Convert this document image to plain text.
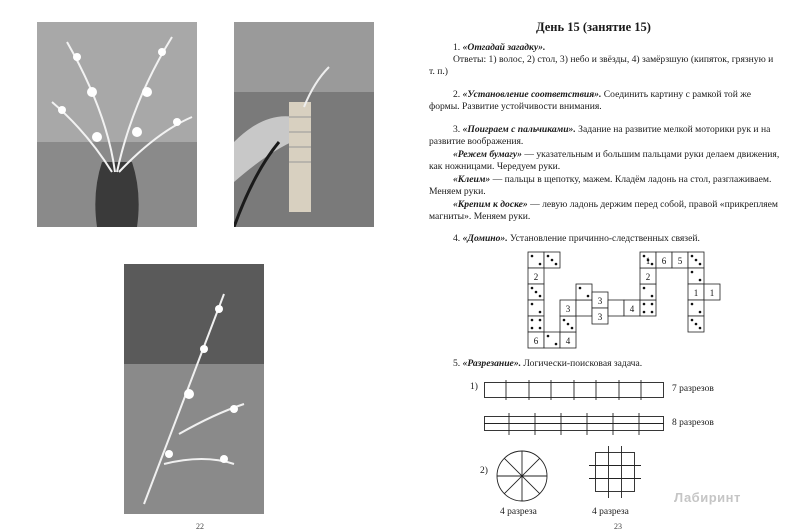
День 15 (занятие 15)
1. «Отгадай загадку».
Ответы: 1) волос, 2) стол, 3) небо и звёзды, 4) замёрзшую (кипяток, грязную и т. п.)
2. «Установление соответствия». Соединить картину с рамкой той же формы. Развитие устойчивости внимания.
3. «Поиграем с пальчиками». Задание на развитие мелкой моторики рук и на развитие воображения.
«Режем бумагу» — указательным и большим пальцами руки делаем движения, как ножницами. Чередуем руки.
«Клеим» — пальцы в щепотку, мажем. Кладём ладонь на стол, разглаживаем. Меняем руки.
«Крепим к доске» — левую ладонь держим перед собой, правой «прикрепляем магниты». Меняем руки.
4. «Домино». Установление причинно-следственных связей.
5. «Разрезание». Логически-поисковая задача.
2
3
6	4
3
3
4
6 5
2
1 1
1
1)	7 разрезов
8 разрезов
2)
4 разреза	4 разреза
Лабиринт
22	23
